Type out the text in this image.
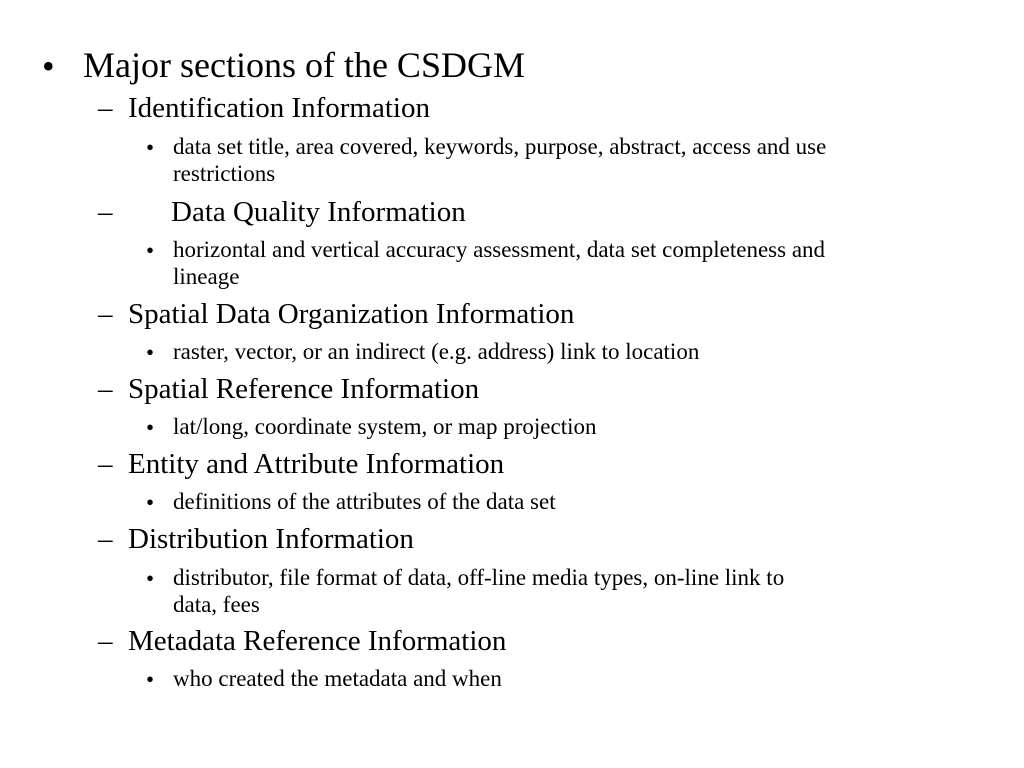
• Major sections of the CSDGM
– Identification Information
• data set title, area covered, keywords, purpose, abstract, access and use
restrictions
– Data Quality Information
• horizontal and vertical accuracy assessment, data set completeness and
lineage
– Spatial Data Organization Information
• raster, vector, or an indirect (e.g. address) link to location
– Spatial Reference Information
• lat/long, coordinate system, or map projection
– Entity and Attribute Information
• definitions of the attributes of the data set
– Distribution Information
• distributor, file format of data, off-line media types, on-line link to
data, fees
– Metadata Reference Information
• who created the metadata and when
